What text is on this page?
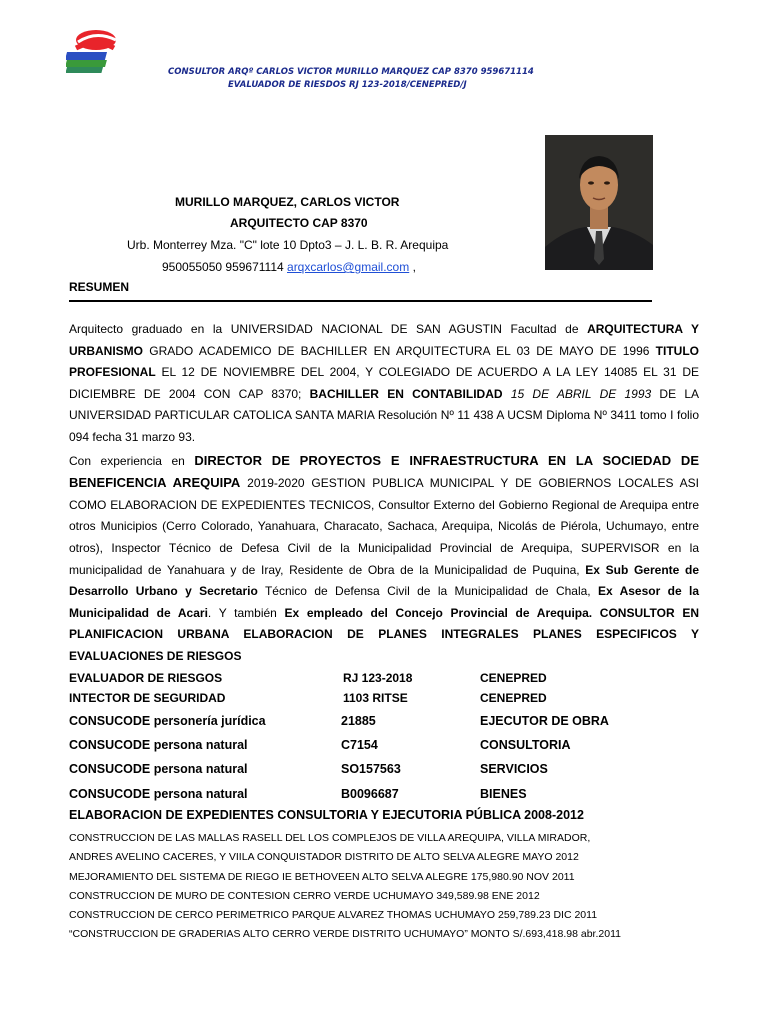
CONSULTOR ARQº CARLOS VICTOR MURILLO MARQUEZ CAP 8370 959671114
EVALUADOR DE RIESDOS RJ 123-2018/CENEPRED/J
MURILLO MARQUEZ, CARLOS VICTOR
ARQUITECTO CAP 8370
Urb. Monterrey Mza. "C" lote 10 Dpto3 – J. L. B. R. Arequipa
950055050 959671114 arqxcarlos@gmail.com ,
RESUMEN

Arquitecto graduado en la UNIVERSIDAD NACIONAL DE SAN AGUSTIN Facultad de ARQUITECTURA Y URBANISMO GRADO ACADEMICO DE BACHILLER EN ARQUITECTURA EL 03 DE MAYO DE 1996 TITULO PROFESIONAL EL 12 DE NOVIEMBRE DEL 2004, Y COLEGIADO DE ACUERDO A LA LEY 14085 EL 31 DE DICIEMBRE DE 2004 CON CAP 8370; BACHILLER EN CONTABILIDAD 15 DE ABRIL DE 1993 DE LA UNIVERSIDAD PARTICULAR CATOLICA SANTA MARIA Resolución Nº 11 438 A UCSM Diploma Nº 3411 tomo I folio 094 fecha 31 marzo 93.

Con experiencia en DIRECTOR DE PROYECTOS E INFRAESTRUCTURA EN LA SOCIEDAD DE BENEFICENCIA AREQUIPA 2019-2020 GESTION PUBLICA MUNICIPAL Y DE GOBIERNOS LOCALES ASI COMO ELABORACION DE EXPEDIENTES TECNICOS, Consultor Externo del Gobierno Regional de Arequipa entre otros Municipios (Cerro Colorado, Yanahuara, Characato, Sachaca, Arequipa, Nicolás de Piérola, Uchumayo, entre otros), Inspector Técnico de Defesa Civil de la Municipalidad Provincial de Arequipa, SUPERVISOR en la municipalidad de Yanahuara y de Iray, Residente de Obra de la Municipalidad de Puquina, Ex Sub Gerente de Desarrollo Urbano y Secretario Técnico de Defensa Civil de la Municipalidad de Chala, Ex Asesor de la Municipalidad de Acari. Y también Ex empleado del Concejo Provincial de Arequipa. CONSULTOR EN PLANIFICACION URBANA ELABORACION DE PLANES INTEGRALES PLANES ESPECIFICOS Y EVALUACIONES DE RIESGOS

EVALUADOR DE RIESGOS	RJ 123-2018	CENEPRED
INTECTOR DE SEGURIDAD	1103 RITSE	CENEPRED
CONSUCODE personería jurídica	21885	EJECUTOR DE OBRA
CONSUCODE persona natural	C7154	CONSULTORIA
CONSUCODE persona natural	SO157563	SERVICIOS
CONSUCODE persona natural	B0096687	BIENES
ELABORACION DE EXPEDIENTES CONSULTORIA Y EJECUTORIA PÚBLICA 2008-2012
CONSTRUCCION DE LAS MALLAS RASELL DEL LOS COMPLEJOS DE VILLA AREQUIPA, VILLA MIRADOR,
ANDRES AVELINO CACERES, Y VIILA CONQUISTADOR DISTRITO DE ALTO SELVA ALEGRE MAYO 2012
MEJORAMIENTO DEL SISTEMA DE RIEGO IE BETHOVEEN ALTO SELVA ALEGRE 175,980.90 NOV 2011
CONSTRUCCION DE MURO DE CONTESION CERRO VERDE UCHUMAYO 349,589.98 ENE 2012
CONSTRUCCION DE CERCO PERIMETRICO PARQUE ALVAREZ THOMAS UCHUMAYO 259,789.23 DIC 2011
“CONSTRUCCION DE GRADERIAS ALTO CERRO VERDE DISTRITO UCHUMAYO” MONTO S/.693,418.98 abr.2011
